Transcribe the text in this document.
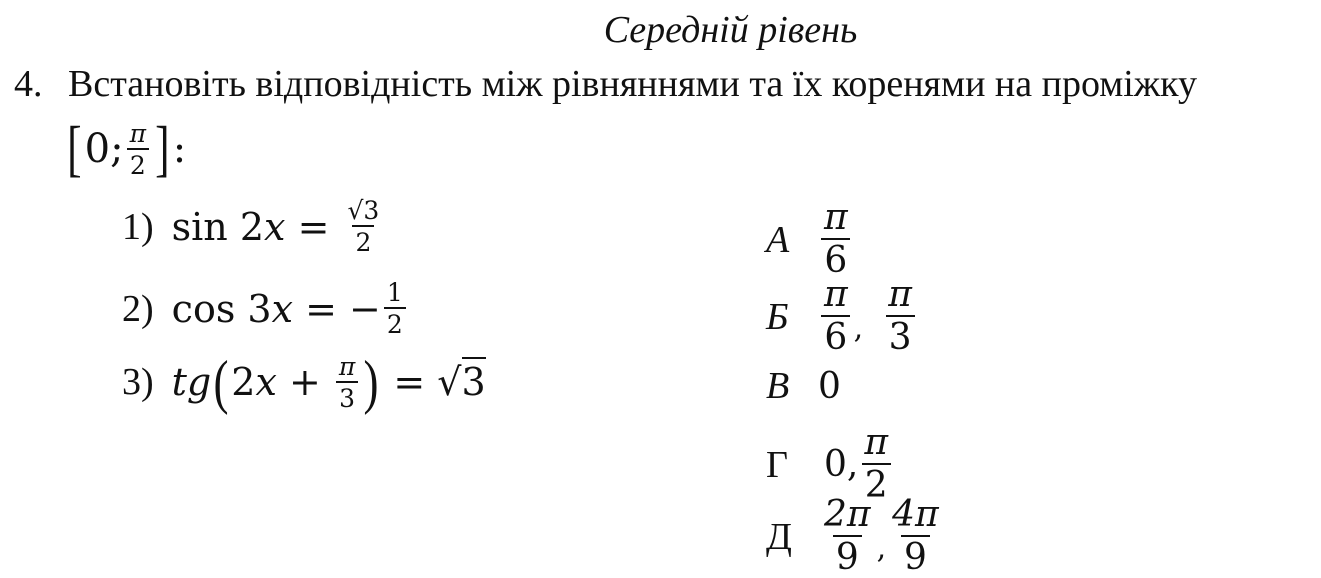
Середній рівень
4. Встановіть відповідність між рівняннями та їх коренями на проміжку
[ 0; $\frac{\pi}{2}$ ] :
1) sin 2 $x = \frac{√3}{2}$
2) cos 3 x = − $\frac{1}{2}$
3) tg ( 2 $x + \frac{\pi}{3}$ ) = √3
А $\frac{\pi}{6}$
Б $\frac{\pi}{6}$ , $\frac{\pi}{3}$
В 0
Г	0, $\frac{\pi}{2}$
Д $\frac{2\pi}{9}$ , $\frac{4\pi}{9}$
